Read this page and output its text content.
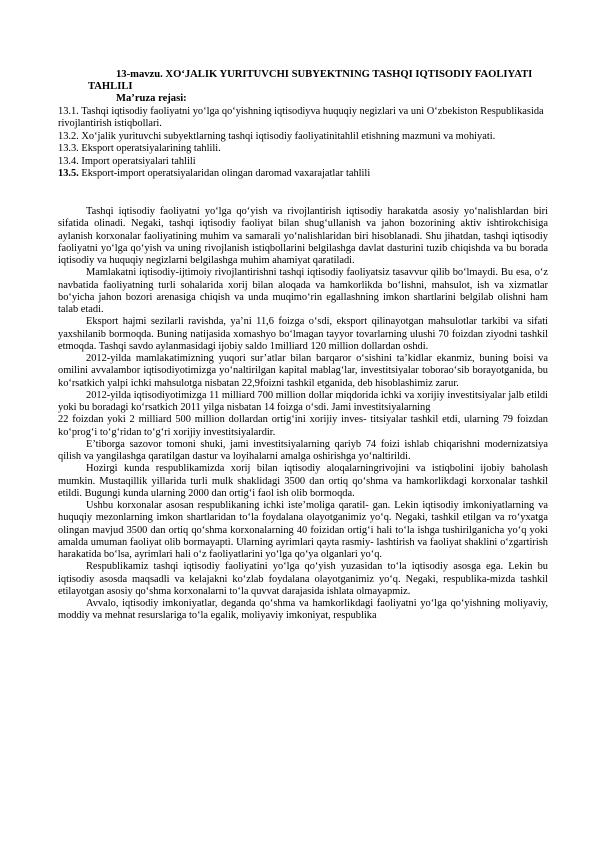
13-mavzu. XO‘JALIK YURITUVCHI SUBYEKTNING TASHQI IQTISODIY FAOLIYATI TAHLILI

Ma’ruza rejasi:

13.1. Tashqi iqtisodiy faoliyatni yo‘lga qo‘yishning iqtisodiyva huquqiy negizlari va uni O‘zbekiston Respublikasida rivojlantirish istiqbollari.
13.2. Xo‘jalik yurituvchi subyektlarning tashqi iqtisodiy faoliyatinitahlil etishning mazmuni va mohiyati.
13.3. Eksport operatsiyalarining tahlili.
13.4. Import operatsiyalari tahlili
13.5. Eksport-import operatsiyalaridan olingan daromad vaxarajatlar tahlili

Tashqi iqtisodiy faoliyatni yo‘lga qo‘yish va rivojlantirish iqtisodiy harakatda asosiy yo‘nalishlardan biri sifatida olinadi. Negaki, tashqi iqtisodiy faoliyat bilan shug‘ullanish va jahon bozorining aktiv ishtirokchisiga aylanish korxonalar faoliyatining muhim va samarali yo‘nalishlaridan biri hisoblanadi. Shu jihatdan, tashqi iqtisodiy faoliyatni yo‘lga qo‘yish va uning rivojlanish istiqbollarini belgilashga davlat dasturini tuzib chiqishda va bu borada iqtisodiy va huquqiy negizlarni belgilashga muhim ahamiyat qaratiladi.

Mamlakatni iqtisodiy-ijtimoiy rivojlantirishni tashqi iqtisodiy faoliyatsiz tasavvur qilib bo‘lmaydi. Bu esa, o‘z navbatida faoliyatning turli sohalarida xorij bilan aloqada va hamkorlikda bo‘lishni, mahsulot, ish va xizmatlar bo‘yicha jahon bozori arenasiga chiqish va unda muqimo‘rin egallashning imkon shartlarini belgilab olishni ham talab etadi.

Eksport hajmi sezilarli ravishda, ya’ni 11,6 foizga o‘sdi, eksport qilinayotgan mahsulotlar tarkibi va sifati yaxshilanib bormoqda. Buning natijasida xomashyo bo‘lmagan tayyor tovarlarning ulushi 70 foizdan ziyodni tashkil etmoqda. Tashqi savdo aylanmasidagi ijobiy saldo 1milliard 120 million dollardan oshdi.

2012-yilda mamlakatimizning yuqori sur’atlar bilan barqaror o‘sishini ta’kidlar ekanmiz, buning boisi va omilini avvalambor iqtisodiyotimizga yo‘naltirilgan kapital mablag‘lar, investitsiyalar toboraо‘sib borayotganida, bu ko‘rsatkich yalpi ichki mahsulotga nisbatan 22,9foizni tashkil etganida, deb hisoblashimiz zarur.

2012-yilda iqtisodiyotimizga 11 milliard 700 million dollar miqdorida ichki va xorijiy investitsiyalar jalb etildi yoki bu boradagi ko‘rsatkich 2011 yilga nisbatan 14 foizga o‘sdi. Jami investitsiyalarning

22 foizdan yoki 2 milliard 500 million dollardan ortig‘ini xorijiy inves- titsiyalar tashkil etdi, ularning 79 foizdan ko‘prog‘i to‘g‘ridan to‘g‘ri xorijiy investitsiyalardir.

E’tiborga sazovor tomoni shuki, jami investitsiyalarning qariyb 74 foizi ishlab chiqarishni modernizatsiya qilish va yangilashga qaratilgan dastur va loyihalarni amalga oshirishga yo‘naltirildi.

Hozirgi kunda respublikamizda xorij bilan iqtisodiy aloqalarningrivojini va istiqbolini ijobiy baholash mumkin. Mustaqillik yillarida turli mulk shaklidagi 3500 dan ortiq qo‘shma va hamkorlikdagi korxonalar tashkil etildi. Bugungi kunda ularning 2000 dan ortig‘i faol ish olib bormoqda.

Ushbu korxonalar asosan respublikaning ichki iste’moliga qaratil- gan. Lekin iqtisodiy imkoniyatlarning va huquqiy mezonlarning imkon shartlaridan to‘la foydalana olayotganimiz yo‘q. Negaki, tashkil etilgan va ro‘yxatga olingan mavjud 3500 dan ortiq qo‘shma korxonalarning 40 foizidan ortig‘i hali to‘la ishga tushirilganicha yo‘q yoki amalda umuman faoliyat olib bormayapti. Ularning ayrimlari qayta rasmiy- lashtirish va faoliyat shaklini o‘zgartirish harakatida bo‘lsa, ayrimlari hali o‘z faoliyatlarini yo‘lga qo‘ya olganlari yo‘q.

Respublikamiz tashqi iqtisodiy faoliyatini yo‘lga qo‘yish yuzasidan to‘la iqtisodiy asosga ega. Lekin bu iqtisodiy asosda maqsadli va kelajakni ko‘zlab foydalana olayotganimiz yo‘q. Negaki, respublika-mizda tashkil etilayotgan asosiy qo‘shma korxonalarni to‘la quvvat darajasida ishlata olmayapmiz.

Avvalo, iqtisodiy imkoniyatlar, deganda qo‘shma va hamkorlikdagi faoliyatni yo‘lga qo‘yishning moliyaviy, moddiy va mehnat resurslariga to‘la egalik, moliyaviy imkoniyat, respublika
